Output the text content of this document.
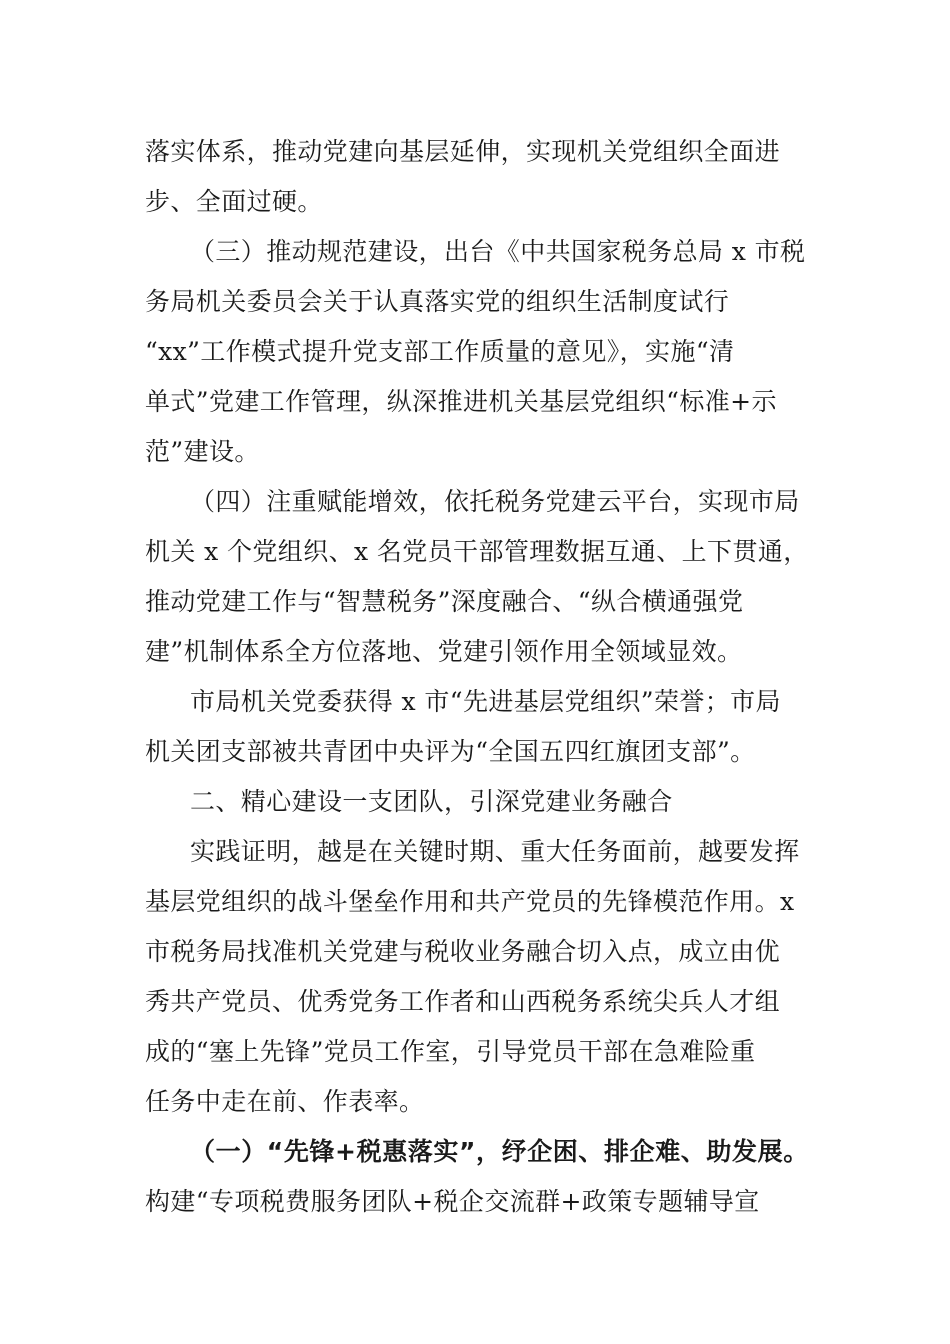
落实体系，推动党建向基层延伸，实现机关党组织全面进
步、全面过硬。
（三）推动规范建设，出台《中共国家税务总局 x 市税
务局机关委员会关于认真落实党的组织生活制度试行
“xx”工作模式提升党支部工作质量的意见》，实施“清
单式”党建工作管理，纵深推进机关基层党组织“标准+示
范”建设。
（四）注重赋能增效，依托税务党建云平台，实现市局
机关 x 个党组织、x 名党员干部管理数据互通、上下贯通，
推动党建工作与“智慧税务”深度融合、“纵合横通强党
建”机制体系全方位落地、党建引领作用全领域显效。
市局机关党委获得 x 市“先进基层党组织”荣誉；市局
机关团支部被共青团中央评为“全国五四红旗团支部”。
二、精心建设一支团队，引深党建业务融合
实践证明，越是在关键时期、重大任务面前，越要发挥
基层党组织的战斗堡垒作用和共产党员的先锋模范作用。x
市税务局找准机关党建与税收业务融合切入点，成立由优
秀共产党员、优秀党务工作者和山西税务系统尖兵人才组
成的“塞上先锋”党员工作室，引导党员干部在急难险重
任务中走在前、作表率。
（一）“先锋+税惠落实”，纾企困、排企难、助发展。
构建“专项税费服务团队+税企交流群+政策专题辅导宣
